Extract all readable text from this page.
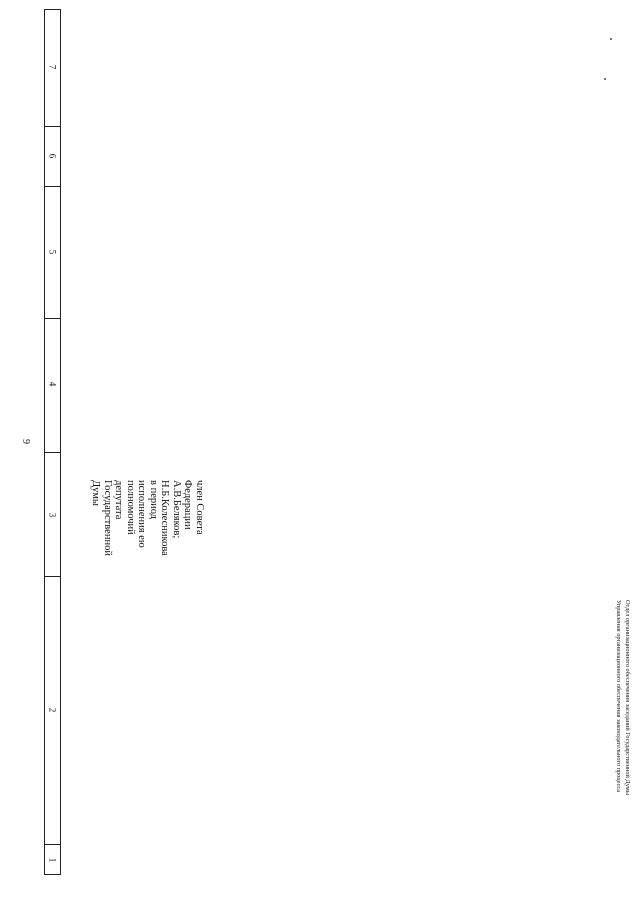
9
1
2
3
4
5
6
7
член Совета
Федерации
А.В.Беляков;
Н.Б.Колесникова
в период
исполнения ею
полномочий
депутата
Государственной
Думы
Отдел организационного обеспечения заседаний Государственной Думы
Управления организационного обеспечения законодательного процесса
